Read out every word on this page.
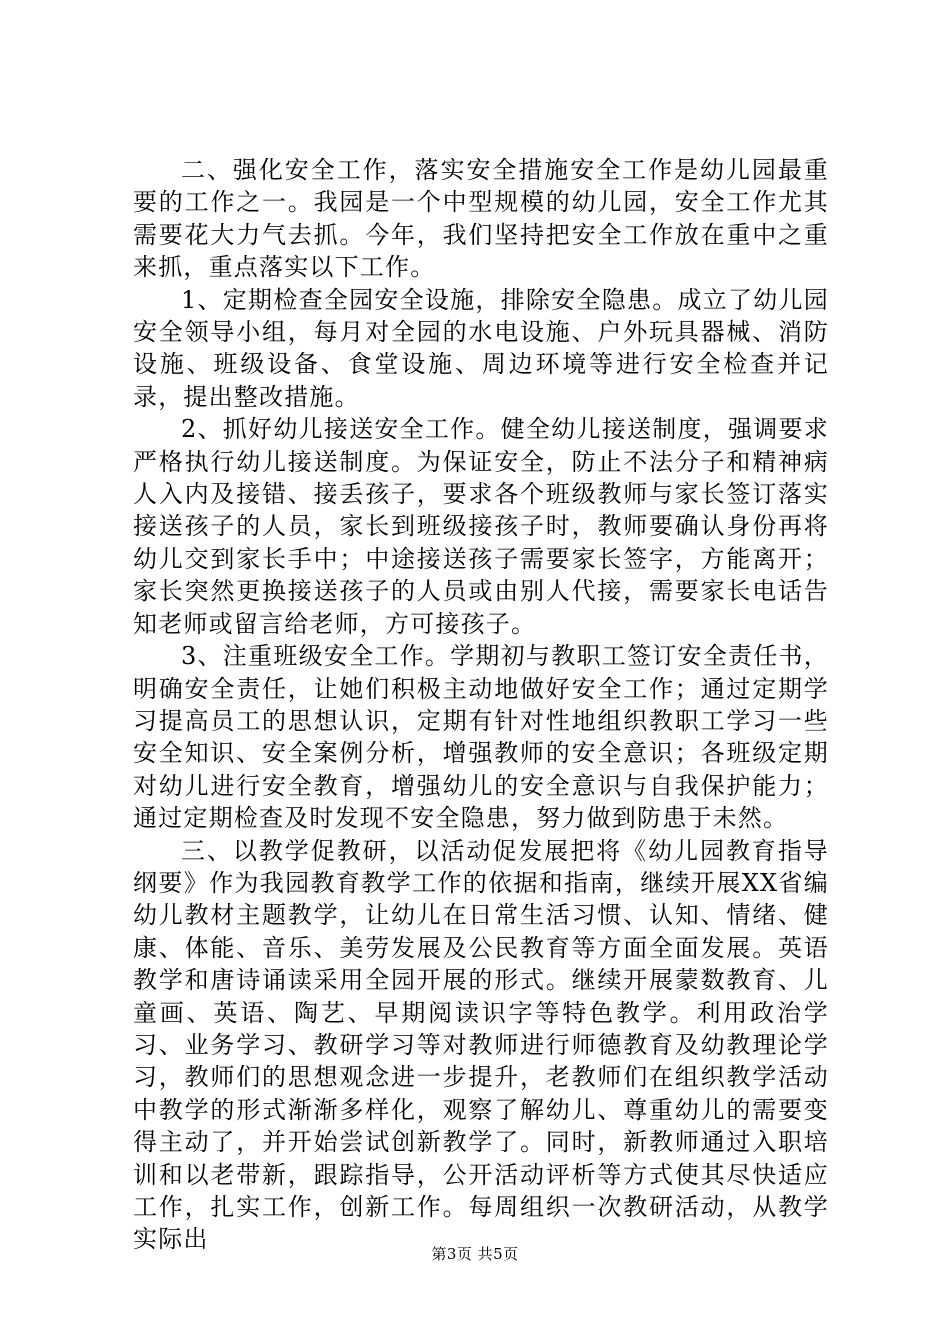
二、强化安全工作，落实安全措施安全工作是幼儿园最重要的工作之一。我园是一个中型规模的幼儿园，安全工作尤其需要花大力气去抓。今年，我们坚持把安全工作放在重中之重来抓，重点落实以下工作。

1、定期检查全园安全设施，排除安全隐患。成立了幼儿园安全领导小组，每月对全园的水电设施、户外玩具器械、消防设施、班级设备、食堂设施、周边环境等进行安全检查并记录，提出整改措施。

2、抓好幼儿接送安全工作。健全幼儿接送制度，强调要求严格执行幼儿接送制度。为保证安全，防止不法分子和精神病人入内及接错、接丢孩子，要求各个班级教师与家长签订落实接送孩子的人员，家长到班级接孩子时，教师要确认身份再将幼儿交到家长手中；中途接送孩子需要家长签字，方能离开；家长突然更换接送孩子的人员或由别人代接，需要家长电话告知老师或留言给老师，方可接孩子。

3、注重班级安全工作。学期初与教职工签订安全责任书，明确安全责任，让她们积极主动地做好安全工作；通过定期学习提高员工的思想认识，定期有针对性地组织教职工学习一些安全知识、安全案例分析，增强教师的安全意识；各班级定期对幼儿进行安全教育，增强幼儿的安全意识与自我保护能力；通过定期检查及时发现不安全隐患，努力做到防患于未然。

三、以教学促教研，以活动促发展把将《幼儿园教育指导纲要》作为我园教育教学工作的依据和指南，继续开展XX省编幼儿教材主题教学，让幼儿在日常生活习惯、认知、情绪、健康、体能、音乐、美劳发展及公民教育等方面全面发展。英语教学和唐诗诵读采用全园开展的形式。继续开展蒙数教育、儿童画、英语、陶艺、早期阅读识字等特色教学。利用政治学习、业务学习、教研学习等对教师进行师德教育及幼教理论学习，教师们的思想观念进一步提升，老教师们在组织教学活动中教学的形式渐渐多样化，观察了解幼儿、尊重幼儿的需要变得主动了，并开始尝试创新教学了。同时，新教师通过入职培训和以老带新，跟踪指导，公开活动评析等方式使其尽快适应工作，扎实工作，创新工作。每周组织一次教研活动，从教学实际出

第3页 共5页
